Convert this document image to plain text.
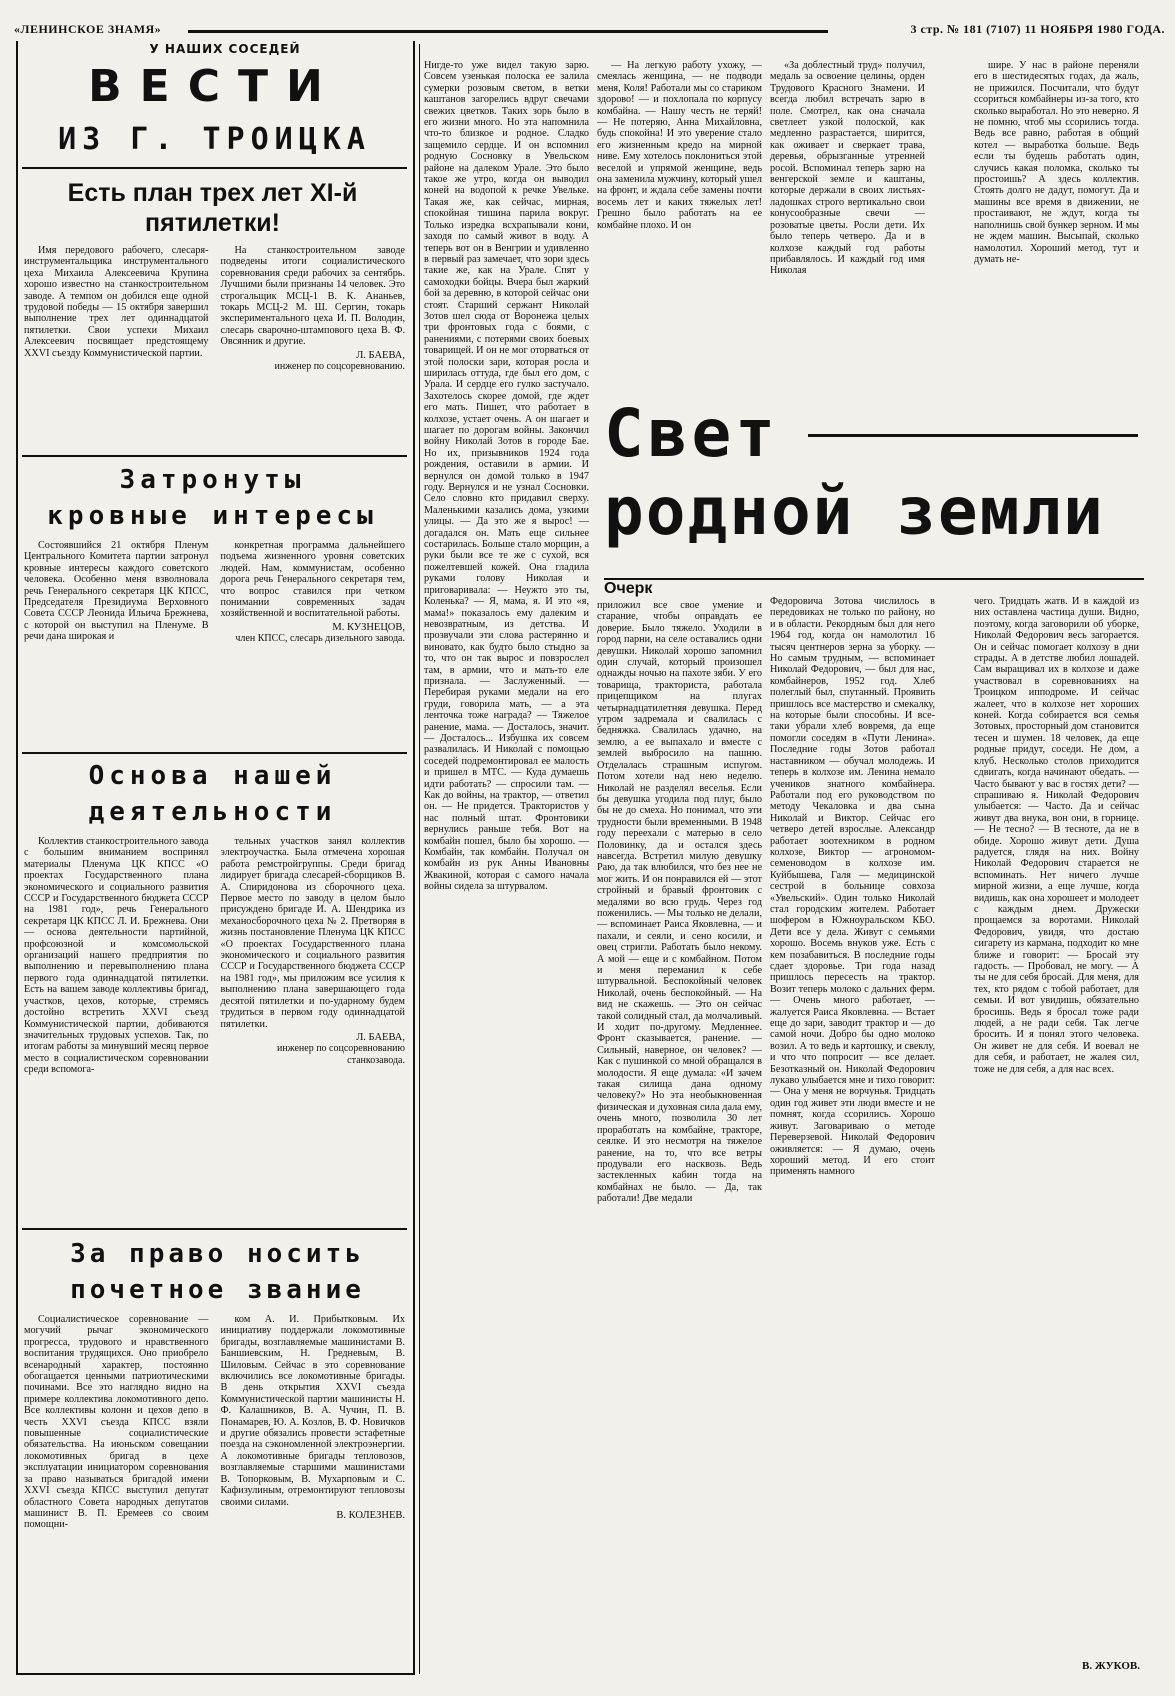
«ЛЕНИНСКОЕ ЗНАМЯ»	3 стр. № 181 (7107) 11 НОЯБРЯ 1980 ГОДА.
У НАШИХ СОСЕДЕЙ
ВЕСТИ
ИЗ Г. ТРОИЦКА
Есть план трех лет XI-й пятилетки!

Имя передового рабочего, слесаря-инструментальщика инструментального цеха Михаила Алексеевича Крупина хорошо известно на станкостроительном заводе. А темпом он добился еще одной трудовой победы — 15 октября завершил выполнение трех лет одиннадцатой пятилетки. Свои успехи Михаил Алексеевич посвящает предстоящему XXVI съезду Коммунистической партии.

На станкостроительном заводе подведены итоги социалистического соревнования среди рабочих за сентябрь. Лучшими были признаны 14 человек. Это строгальщик МСЦ-1 В. К. Ананьев, токарь МСЦ-2 М. Ш. Сергин, токарь экспериментального цеха И. П. Володин, слесарь сварочно-штампового цеха В. Ф. Овсянник и другие.

Л. БАЕВА,
инженер по соцсоревнованию.
Затронуты кровные интересы

Состоявшийся 21 октября Пленум Центрального Комитета партии затронул кровные интересы каждого советского человека. Особенно меня взволновала речь Генерального секретаря ЦК КПСС, Председателя Президиума Верховного Совета СССР Леонида Ильича Брежнева, с которой он выступил на Пленуме. В речи дана широкая и

конкретная программа дальнейшего подъема жизненного уровня советских людей. Нам, коммунистам, особенно дорога речь Генерального секретаря тем, что вопрос ставился при четком понимании современных задач хозяйственной и воспитательной работы.

М. КУЗНЕЦОВ,
член КПСС, слесарь дизельного завода.
Основа нашей деятельности

Коллектив станкостроительного завода с большим вниманием воспринял материалы Пленума ЦК КПСС «О проектах Государственного плана экономического и социального развития СССР и Государственного бюджета СССР на 1981 год», речь Генерального секретаря ЦК КПСС Л. И. Брежнева. Они — основа деятельности партийной, профсоюзной и комсомольской организаций нашего предприятия по выполнению и перевыполнению плана первого года одиннадцатой пятилетки. Есть на вашем заводе коллективы бригад, участков, цехов, которые, стремясь достойно встретить XXVI съезд Коммунистической партии, добиваются значительных трудовых успехов. Так, по итогам работы за минувший месяц первое место в социалистическом соревновании среди вспомога-

тельных участков занял коллектив электроучастка. Была отмечена хорошая работа ремстройгруппы. Среди бригад лидирует бригада слесарей-сборщиков В. А. Спиридонова из сборочного цеха. Первое место по заводу в целом было присуждено бригаде И. А. Шендрика из механосборочного цеха № 2. Претворяя в жизнь постановление Пленума ЦК КПСС «О проектах Государственного плана экономического и социального развития СССР и Государственного бюджета СССР на 1981 год», мы приложим все усилия к выполнению плана завершающего года десятой пятилетки и по-ударному будем трудиться в первом году одиннадцатой пятилетки.

Л. БАЕВА,
инженер по соцсоревнованию станкозавода.
За право носить почетное звание

Социалистическое соревнование — могучий рычаг экономического прогресса, трудового и нравственного воспитания трудящихся. Оно приобрело всенародный характер, постоянно обогащается ценными патриотическими почина́ми. Все это наглядно видно на примере коллектива локомотивного депо. Все коллективы колонн и цехов депо в честь XXVI съезда КПСС взяли повышенные социалистические обязательства. На июньском совещании локомотивных бригад в цехе эксплуатации инициатором соревнования за право называться бригадой имени XXVI съезда КПСС выступил депутат областного Совета народных депутатов машинист В. П. Еремеев со своим помощни-

ком А. И. Прибытковым. Их инициативу поддержали локомотивные бригады, возглавляемые машинистами В. Баншиевским, Н. Гредневым, В. Шиловым. Сейчас в это соревнование включились все локомотивные бригады. В день открытия XXVI съезда Коммунистической партии машинисты Н. Ф. Калашников, В. А. Чучин, П. В. Понамарев, Ю. А. Козлов, В. Ф. Новичков и другие обязались провести эстафетные поезда на сэкономленной электроэнергии. А локомотивные бригады тепловозов, возглавляемые старшими машинистами В. Топорковым, В. Мухарповым и С. Кафизулиным, отремонтируют тепловозы своими силами.

В. КОЛЕЗНЕВ.

Нигде-то уже видел такую зарю. Совсем узенькая полоска ее залила сумерки розовым светом, в ветки каштанов загорелись вдруг свечами свежих цветков. Таких зорь было в его жизни много. Но эта напомнила что-то близкое и родное. Сладко защемило сердце. И он вспомнил родную Сосновку в Увельском районе на далеком Урале. Это было такое же утро, когда он выводил коней на водопой к речке Увельке. Такая же, как сейчас, мирная, спокойная тишина парила вокруг. Только изредка всхрапывали кони, заходя по самый живот в воду. А теперь вот он в Венгрии и удивленно в первый раз замечает, что зори здесь такие же, как на Урале. Спят у самоходки бойцы. Вчера был жаркий бой за деревню, в которой сейчас они стоят. Старший сержант Николай Зотов шел сюда от Воронежа целых три фронтовых года с боями, с ранениями, с потерями своих боевых товарищей. И он не мог оторваться от этой полоски зари, которая росла и ширилась оттуда, где был его дом, с Урала. И сердце его гулко застучало. Захотелось скорее домой, где ждет его мать. Пишет, что работает в колхозе, устает очень. А он шагает и шагает по дорогам войны. Закончил войну Николай Зотов в городе Бае. Но их, призывников 1924 года рождения, оставили в армии. И вернулся он домой только в 1947 году. Вернулся и не узнал Сосновки. Село словно кто придавил сверху. Маленькими казались дома, узкими улицы. — Да это же я вырос! — догадался он. Мать еще сильнее состарилась. Больше стало морщин, а руки были все те же с сухой, вся пожелтевшей кожей. Она гладила руками голову Николая и приговаривала: — Неужто это ты, Коленька? — Я, мама, я. И это «я, мама!» показалось ему далеким и невозвратным, из детства. И прозвучали эти слова растерянно и виновато, как будто было стыдно за то, что он так вырос и повзрослел там, в армии, что и мать-то еле признала. — Заслуженный. — Перебирая руками медали на его груди, говорила мать, — а эта ленточка тоже награда? — Тяжелое ранение, мама. — Досталось, значит. — Досталось... Избушка их совсем развалилась. И Николай с помощью соседей подремонтировал ее малость и пришел в МТС. — Куда думаешь идти работать? — спросили там. — Как до войны, на трактор, — ответил он. — Не придется. Трактористов у нас полный штат. Фронтовики вернулись раньше тебя. Вот на комбайн пошел, было бы хорошо. — Комбайн, так комбайн. Получал он комбайн из рук Анны Ивановны Жвакиной, которая с самого начала войны сидела за штурвалом.

— На легкую работу ухожу, — смеялась женщина, — не подводи меня, Коля! Работали мы со стариком здорово! — и похлопала по корпусу комбайна. — Нашу честь не теряй! — Не потеряю, Анна Михайловна, будь спокойна! И это уверение стало его жизненным кредо на мирной ниве. Ему хотелось поклониться этой веселой и упрямой женщине, ведь она заменила мужчину, который ушел на фронт, и ждала себе замены почти восемь лет и каких тяжелых лет! Грешно было работать на ее комбайне плохо. И он

«За доблестный труд» получил, медаль за освоение целины, орден Трудового Красного Знамени. И всегда любил встречать зарю в поле. Смотрел, как она сначала светлеет узкой полоской, как медленно разрастается, ширится, как оживает и сверкает трава, деревья, обрызганные утренней росой. Вспоминал теперь зарю на венгерской земле и каштаны, которые держали в своих листьях-ладошках строго вертикально свои конусообразные свечи — розоватые цветы. Росли дети. Их было теперь четверо. Да и в колхозе каждый год работы прибавлялось. И каждый год имя Николая

шире. У нас в районе переняли его в шестидесятых годах, да жаль, не прижился. Посчитали, что будут ссориться комбайнеры из-за того, кто сколько выработал. Но это неверно. Я не помню, чтоб мы ссорились тогда. Ведь все равно, работая в общий котел — выработка больше. Ведь если ты будешь работать один, случись какая поломка, сколько ты простоишь? А здесь коллектив. Стоять долго не дадут, помогут. Да и машины все время в движении, не простаивают, не ждут, когда ты наполнишь свой бункер зерном. И мы не ждем машин. Высыпай, сколько намолотил. Хороший метод, тут и думать не-

Свет
родной земли
Очерк

приложил все свое умение и старание, чтобы оправдать ее доверие. Было тяжело. Уходили в город парни, на селе оставались одни девушки. Николай хорошо запомнил один случай, который произошел однажды ночью на пахоте зяби. У его товарища, тракториста, работала прицепщиком на плугах четырнадцатилетняя девушка. Перед утром задремала и свалилась с бедняжка. Свалилась удачно, на землю, а ее выпахало и вместе с землей выбросило на пашню. Отделалась страшным испугом. Потом хотели над нею неделю. Николай не разделял веселья. Если бы девушка угодила под плуг, было бы не до смеха. Но понимал, что эти трудности были временными. В 1948 году переехали с матерью в село Половинку, да и остался здесь навсегда. Встретил милую девушку Раю, да так влюбился, что без нее не мог жить. И он понравился ей — этот стройный и бравый фронтовик с медалями во всю грудь. Через год поженились. — Мы только не делали, — вспоминает Раиса Яковлевна, — и пахали, и сеяли, и сено косили, и овец стригли. Работать было некому. А мой — еще и с комбайном. Потом и меня переманил к себе штурвальной. Беспокойный человек Николай, очень беспокойный. — На вид не скажешь. — Это он сейчас такой солидный стал, да молчаливый. И ходит по-другому. Медленнее. Фронт сказывается, ранение. — Сильный, наверное, он человек? — Как с пушинкой со мной обращался в молодости. Я еще думала: «И зачем такая силища дана одному человеку?» Но эта необыкновенная физическая и духовная сила дала ему, очень много, позволила 30 лет проработать на комбайне, тракторе, сеялке. И это несмотря на тяжелое ранение, на то, что все ветры продували его насквозь. Ведь застекленных кабин тогда на комбайнах не было. — Да, так работали! Две медали

Федоровича Зотова числилось в передовиках не только по району, но и в области. Рекордным был для него 1964 год, когда он намолотил 16 тысяч центнеров зерна за уборку. — Но самым трудным, — вспоминает Николай Федорович, — был для нас, комбайнеров, 1952 год. Хлеб полеглый был, спутанный. Проявить пришлось все мастерство и смекалку, на которые были способны. И все-таки убрали хлеб вовремя, да еще помогли соседям в «Пути Ленина». Последние годы Зотов работал наставником — обучал молодежь. И теперь в колхозе им. Ленина немало учеников знатного комбайнера. Работали под его руководством по методу Чекаловка и два сына Николай и Виктор. Сейчас его четверо детей взрослые. Александр работает зоотехником в родном колхозе, Виктор — агрономом-семеноводом в колхозе им. Куйбышева, Галя — медицинской сестрой в больнице совхоза «Увельский». Один только Николай стал городским жителем. Работает шофером в Южноуральском КБО. Дети все у дела. Живут с семьями хорошо. Восемь внуков уже. Есть с кем позабавиться. В последние годы сдает здоровье. Три года назад пришлось пересесть на трактор. Возит теперь молоко с дальних ферм. — Очень много работает, — жалуется Раиса Яковлевна. — Встает еще до зари, заводит трактор и — до самой ночи. Добро бы одно молоко возил. А то ведь и картошку, и свеклу, и что что попросит — все делает. Безотказный он. Николай Федорович лукаво улыбается мне и тихо говорит: — Она у меня не ворчунья. Тридцать один год живет эти люди вместе и не помнят, когда ссорились. Хорошо живут. Заговариваю о методе Переверзевой. Николай Федорович оживляется: — Я думаю, очень хороший метод. И его сто́ит применять намного

чего. Тридцать жатв. И в каждой из них оставлена частица души. Видно, поэтому, когда заговорили об уборке, Николай Федорович весь загорается. Он и сейчас помогает колхозу в дни страды. А в детстве любил лошадей. Сам выращивал их в колхозе и даже участвовал в соревнованиях на Троицком ипподроме. И сейчас жалеет, что в колхозе нет хороших коней. Когда собирается вся семья Зотовых, просторный дом становится тесен и шумен. 18 человек, да еще родные придут, соседи. Не дом, а клуб. Несколько столов приходится сдвигать, когда начинают обедать. — Часто бывают у вас в гостях дети? — спрашиваю я. Николай Федорович улыбается: — Часто. Да и сейчас живут два внука, вон они, в горнице. — Не тесно? — В тесноте, да не в обиде. Хорошо живут дети. Душа радуется, глядя на них. Войну Николай Федорович старается не вспоминать. Нет ничего лучше мирной жизни, а еще лучше, когда видишь, как она хорошеет и молодеет с каждым днем. Дружески прощаемся за воротами. Николай Федорович, увидя, что достаю сигарету из кармана, подходит ко мне ближе и говорит: — Бросай эту гадость. — Пробовал, не могу. — А ты не для себя бросай. Для меня, для тех, кто рядом с тобой работает, для семьи. И вот увидишь, обязательно бросишь. Ведь я бросал тоже ради людей, а не ради себя. Так легче бросить. И я понял этого человека. Он живет не для себя. И воевал не для себя, и работает, не жалея сил, тоже не для себя, а для нас всех.

В. ЖУКОВ.
